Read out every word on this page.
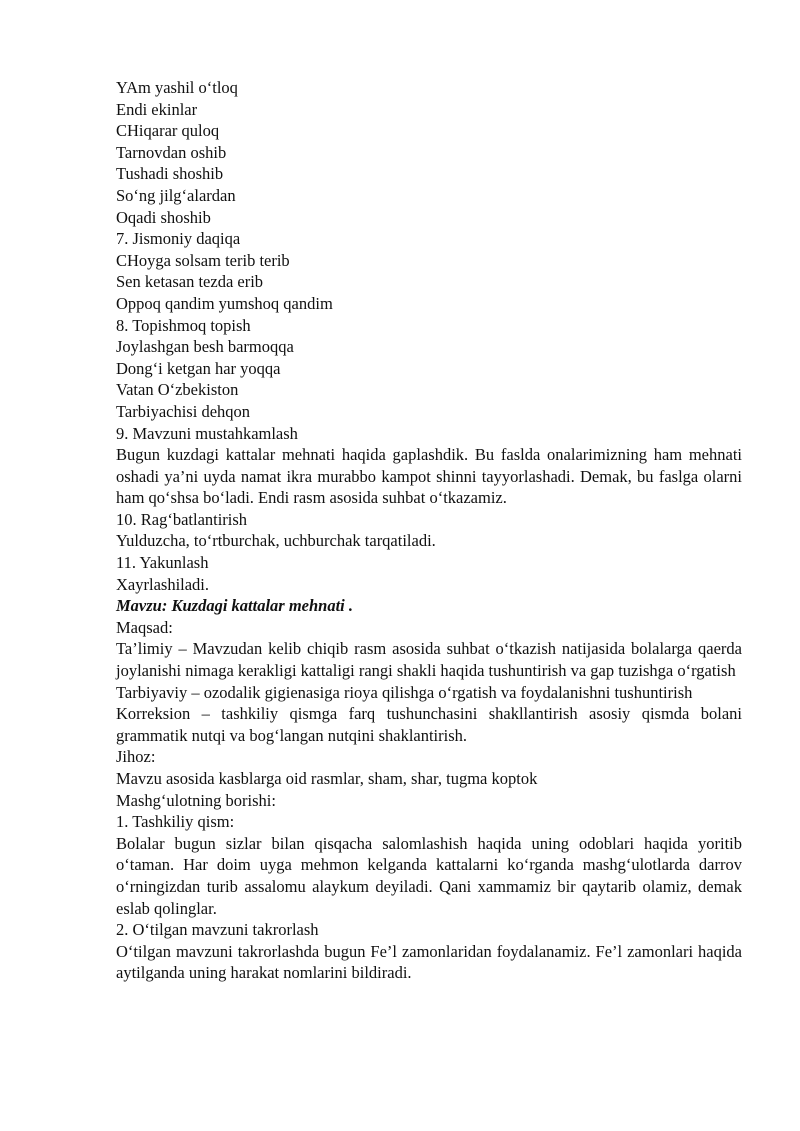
YAm yashil o‘tloq
Endi ekinlar
CHiqarar quloq
Tarnovdan oshib
Tushadi shoshib
So‘ng jilg‘alardan
Oqadi shoshib
7. Jismoniy daqiqa
CHoyga solsam terib terib
Sen ketasan tezda erib
Oppoq qandim yumshoq qandim
8. Topishmoq topish
Joylashgan besh barmoqqa
Dong‘i ketgan har yoqqa
Vatan O‘zbekiston
Tarbiyachisi dehqon
9. Mavzuni mustahkamlash

Bugun kuzdagi kattalar mehnati haqida gaplashdik. Bu faslda onalarimizning ham mehnati oshadi ya’ni uyda namat ikra murabbo kampot shinni tayyorlashadi. Demak, bu faslga olarni ham qo‘shsa bo‘ladi. Endi rasm asosida suhbat o‘tkazamiz.

10. Rag‘batlantirish
Yulduzcha, to‘rtburchak, uchburchak tarqatiladi.
11. Yakunlash
Xayrlashiladi.
Mavzu: Kuzdagi kattalar mehnati .
Maqsad:

Ta’limiy – Mavzudan kelib chiqib rasm asosida suhbat o‘tkazish natijasida bolalarga qaerda joylanishi nimaga kerakligi kattaligi rangi shakli haqida tushuntirish va gap tuzishga o‘rgatish

Tarbiyaviy – ozodalik gigienasiga rioya qilishga o‘rgatish va foydalanishni tushuntirish

Korreksion – tashkiliy qismga farq tushunchasini shakllantirish asosiy qismda bolani grammatik nutqi va bog‘langan nutqini shaklantirish.

Jihoz:
Mavzu asosida kasblarga oid rasmlar, sham, shar, tugma koptok
Mashg‘ulotning borishi:
1. Tashkiliy qism:

Bolalar bugun sizlar bilan qisqacha salomlashish haqida uning odoblari haqida yoritib o‘taman. Har doim uyga mehmon kelganda kattalarni ko‘rganda mashg‘ulotlarda darrov o‘rningizdan turib assalomu alaykum deyiladi. Qani xammamiz bir qaytarib olamiz, demak eslab qolinglar.

2. O‘tilgan mavzuni takrorlash

O‘tilgan mavzuni takrorlashda bugun Fe’l zamonlaridan foydalanamiz. Fe’l zamonlari haqida aytilganda uning harakat nomlarini bildiradi.
